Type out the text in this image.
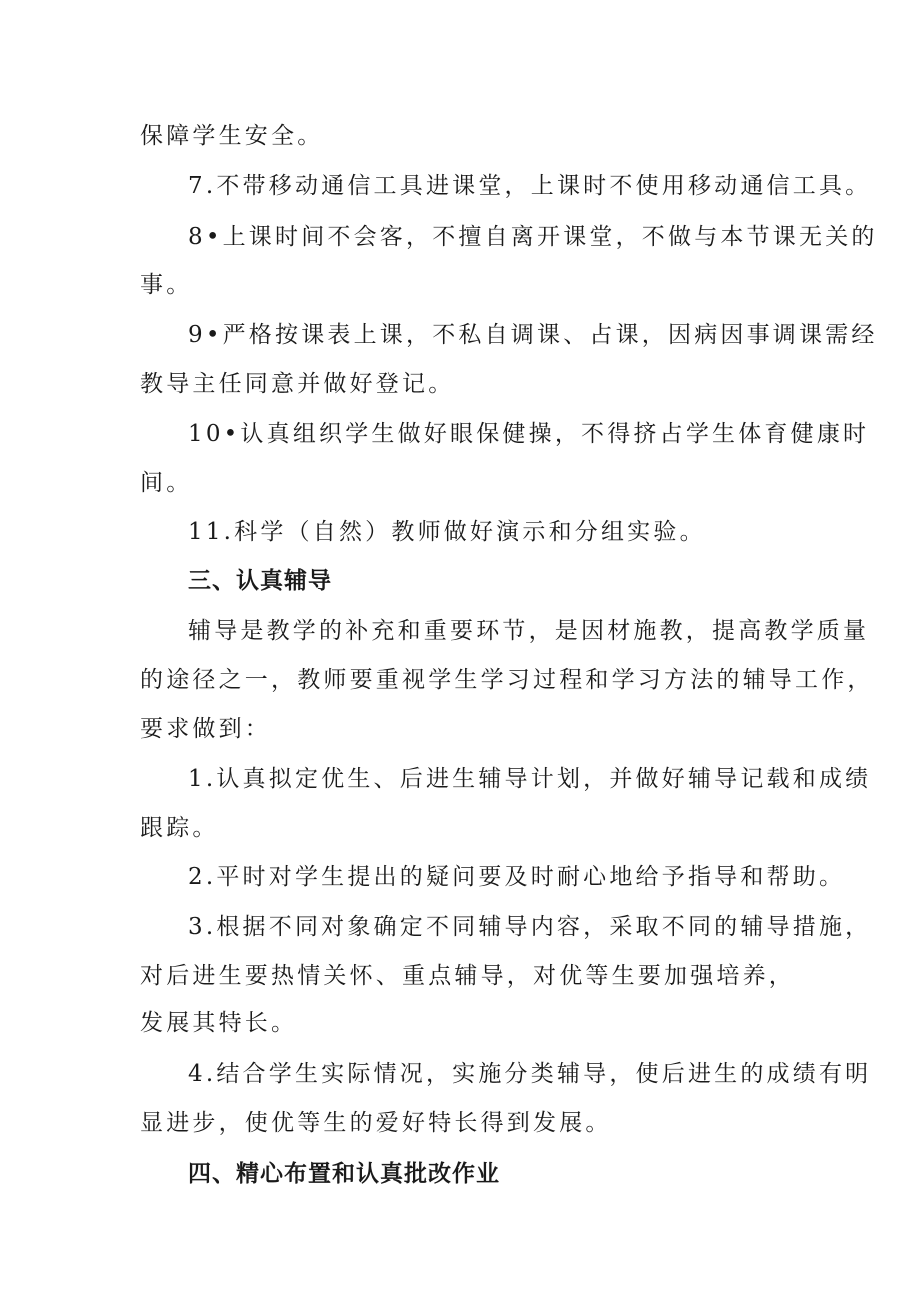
保障学生安全。
7.不带移动通信工具进课堂，上课时不使用移动通信工具。
8•上课时间不会客，不擅自离开课堂，不做与本节课无关的
事。
9•严格按课表上课，不私自调课、占课，因病因事调课需经
教导主任同意并做好登记。
10•认真组织学生做好眼保健操，不得挤占学生体育健康时
间。
11.科学（自然）教师做好演示和分组实验。
三、认真辅导
辅导是教学的补充和重要环节，是因材施教，提高教学质量
的途径之一，教师要重视学生学习过程和学习方法的辅导工作，
要求做到：
1.认真拟定优生、后进生辅导计划，并做好辅导记载和成绩
跟踪。
2.平时对学生提出的疑问要及时耐心地给予指导和帮助。
3.根据不同对象确定不同辅导内容，采取不同的辅导措施，
对后进生要热情关怀、重点辅导，对优等生要加强培养，
发展其特长。
4.结合学生实际情况，实施分类辅导，使后进生的成绩有明
显进步，使优等生的爱好特长得到发展。
四、精心布置和认真批改作业
